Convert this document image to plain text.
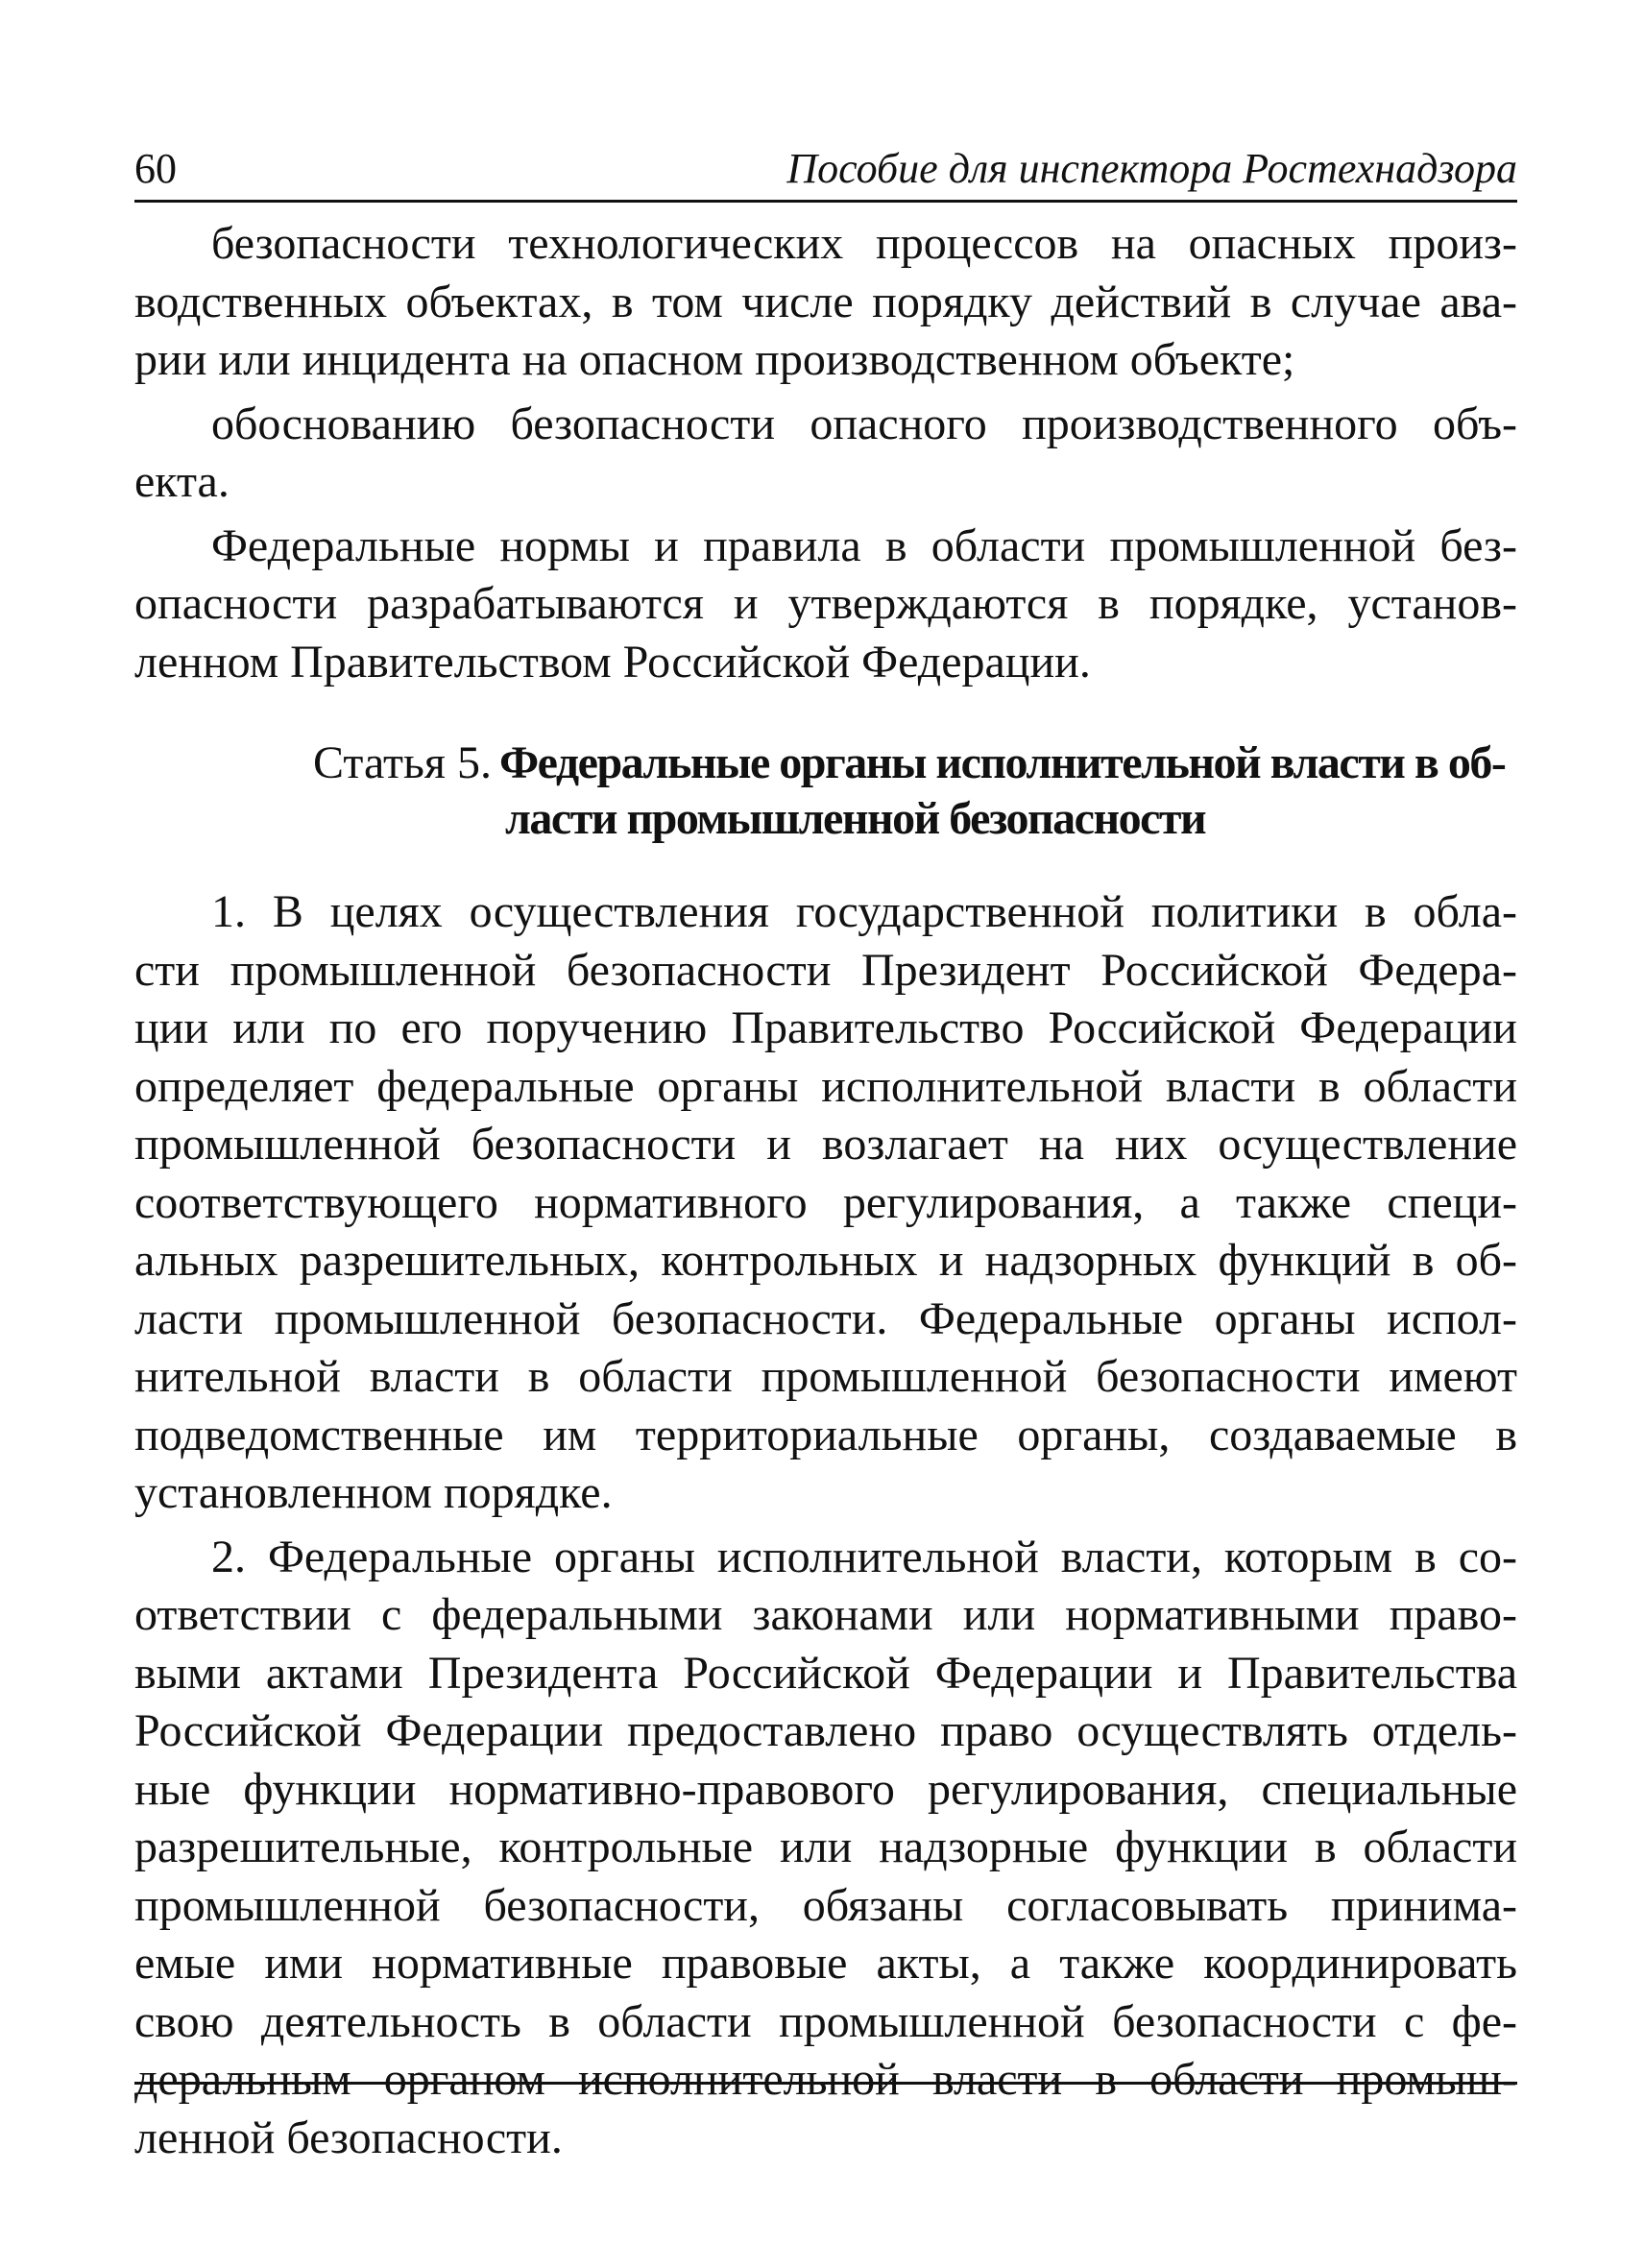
60	Пособие для инспектора Ростехнадзора
безопасности технологических процессов на опасных произ-
водственных объектах, в том числе порядку действий в случае ава-
рии или инцидента на опасном производственном объекте;
обоснованию безопасности опасного производственного объ-
екта.
Федеральные нормы и правила в области промышленной без-
опасности разрабатываются и утверждаются в порядке, установ-
ленном Правительством Российской Федерации.
Статья 5. Федеральные органы исполнительной власти в об-
ласти промышленной безопасности
1. В целях осуществления государственной политики в обла-
сти промышленной безопасности Президент Российской Федера-
ции или по его поручению Правительство Российской Федерации
определяет федеральные органы исполнительной власти в области
промышленной безопасности и возлагает на них осуществление
соответствующего нормативного регулирования, а также специ-
альных разрешительных, контрольных и надзорных функций в об-
ласти промышленной безопасности. Федеральные органы испол-
нительной власти в области промышленной безопасности имеют
подведомственные им территориальные органы, создаваемые в
установленном порядке.
2. Федеральные органы исполнительной власти, которым в со-
ответствии с федеральными законами или нормативными право-
выми актами Президента Российской Федерации и Правительства
Российской Федерации предоставлено право осуществлять отдель-
ные функции нормативно-правового регулирования, специальные
разрешительные, контрольные или надзорные функции в области
промышленной безопасности, обязаны согласовывать принима-
емые ими нормативные правовые акты, а также координировать
свою деятельность в области промышленной безопасности с фе-
деральным органом исполнительной власти в области промыш-
ленной безопасности.
